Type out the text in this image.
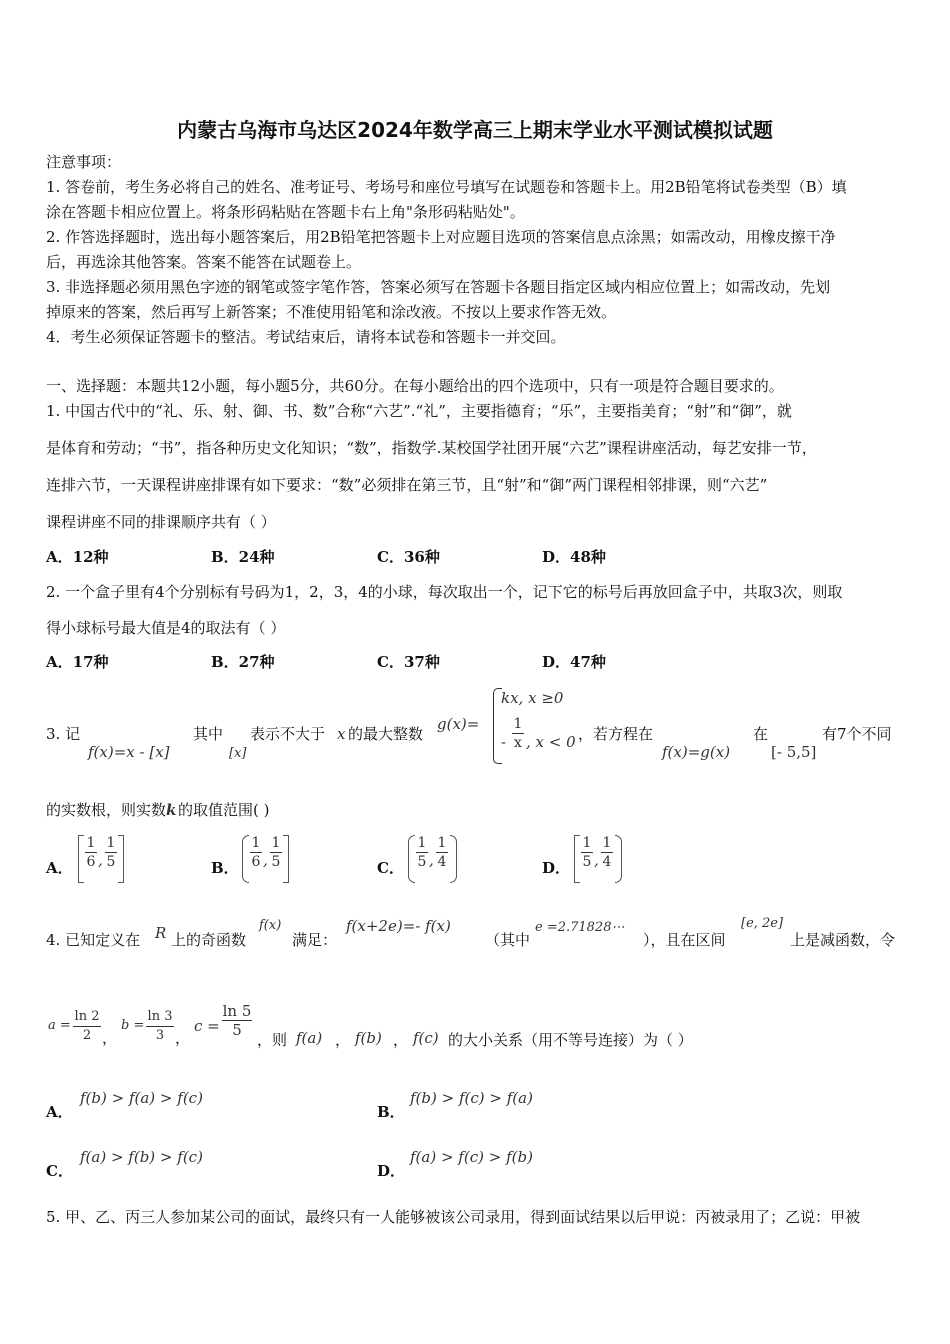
内蒙古乌海市乌达区2024年数学高三上期末学业水平测试模拟试题
注意事项：
1. 答卷前，考生务必将自己的姓名、准考证号、考场号和座位号填写在试题卷和答题卡上。用2B铅笔将试卷类型（B）填
涂在答题卡相应位置上。将条形码粘贴在答题卡右上角"条形码粘贴处"。
2. 作答选择题时，选出每小题答案后，用2B铅笔把答题卡上对应题目选项的答案信息点涂黑；如需改动，用橡皮擦干净
后，再选涂其他答案。答案不能答在试题卷上。
3. 非选择题必须用黑色字迹的钢笔或签字笔作答，答案必须写在答题卡各题目指定区域内相应位置上；如需改动，先划
掉原来的答案，然后再写上新答案；不准使用铅笔和涂改液。不按以上要求作答无效。
4．考生必须保证答题卡的整洁。考试结束后，请将本试卷和答题卡一并交回。
一、选择题：本题共12小题，每小题5分，共60分。在每小题给出的四个选项中，只有一项是符合题目要求的。
1. 中国古代中的“礼、乐、射、御、书、数”合称“六艺”.“礼”，主要指德育；“乐”，主要指美育；“射”和“御”，就
是体育和劳动；“书”，指各种历史文化知识；“数”，指数学.某校国学社团开展“六艺”课程讲座活动，每艺安排一节，
连排六节，一天课程讲座排课有如下要求：“数”必须排在第三节，且“射”和“御”两门课程相邻排课，则“六艺”
课程讲座不同的排课顺序共有（ ）
A．12种	B．24种	C．36种	D．48种
2. 一个盒子里有4个分别标有号码为1，2，3，4的小球，每次取出一个，记下它的标号后再放回盒子中，共取3次，则取
得小球标号最大值是4的取法有（ ）
A．17种	B．27种	C．37种	D．47种
3. 记
f(x)=x - [x]
其中
[x]
表示不大于 x 的最大整数
g(x)=
kx, x ≥0
-
1
x , x < 0 ，若方程在
f(x)=g(x)
在
[- 5,5]
有7个不同
的实数根，则实数 k 的取值范围( )
A．
1
6 ,
1
5	B．
1
6 ,
1
5	C．
1
5 ,
1
4	D．
1
5 ,
1
4
4. 已知定义在 R 上的奇函数
f(x)
满足：
f(x+2e)=- f(x)
（其中
e =2.71828⋯
），且在区间
[e, 2e]
上是减函数，令
a =
ln 2
2 ，
b =
ln 3
3 ，
c =
ln 5
5
，则 f(a) ， f(b) ， f(c) 的大小关系（用不等号连接）为（ ）
A．
f(b) > f(a) > f(c)
B．
f(b) > f(c) > f(a)
C．
f(a) > f(b) > f(c)
D．
f(a) > f(c) > f(b)
5. 甲、乙、丙三人参加某公司的面试，最终只有一人能够被该公司录用，得到面试结果以后甲说：丙被录用了；乙说：甲被
